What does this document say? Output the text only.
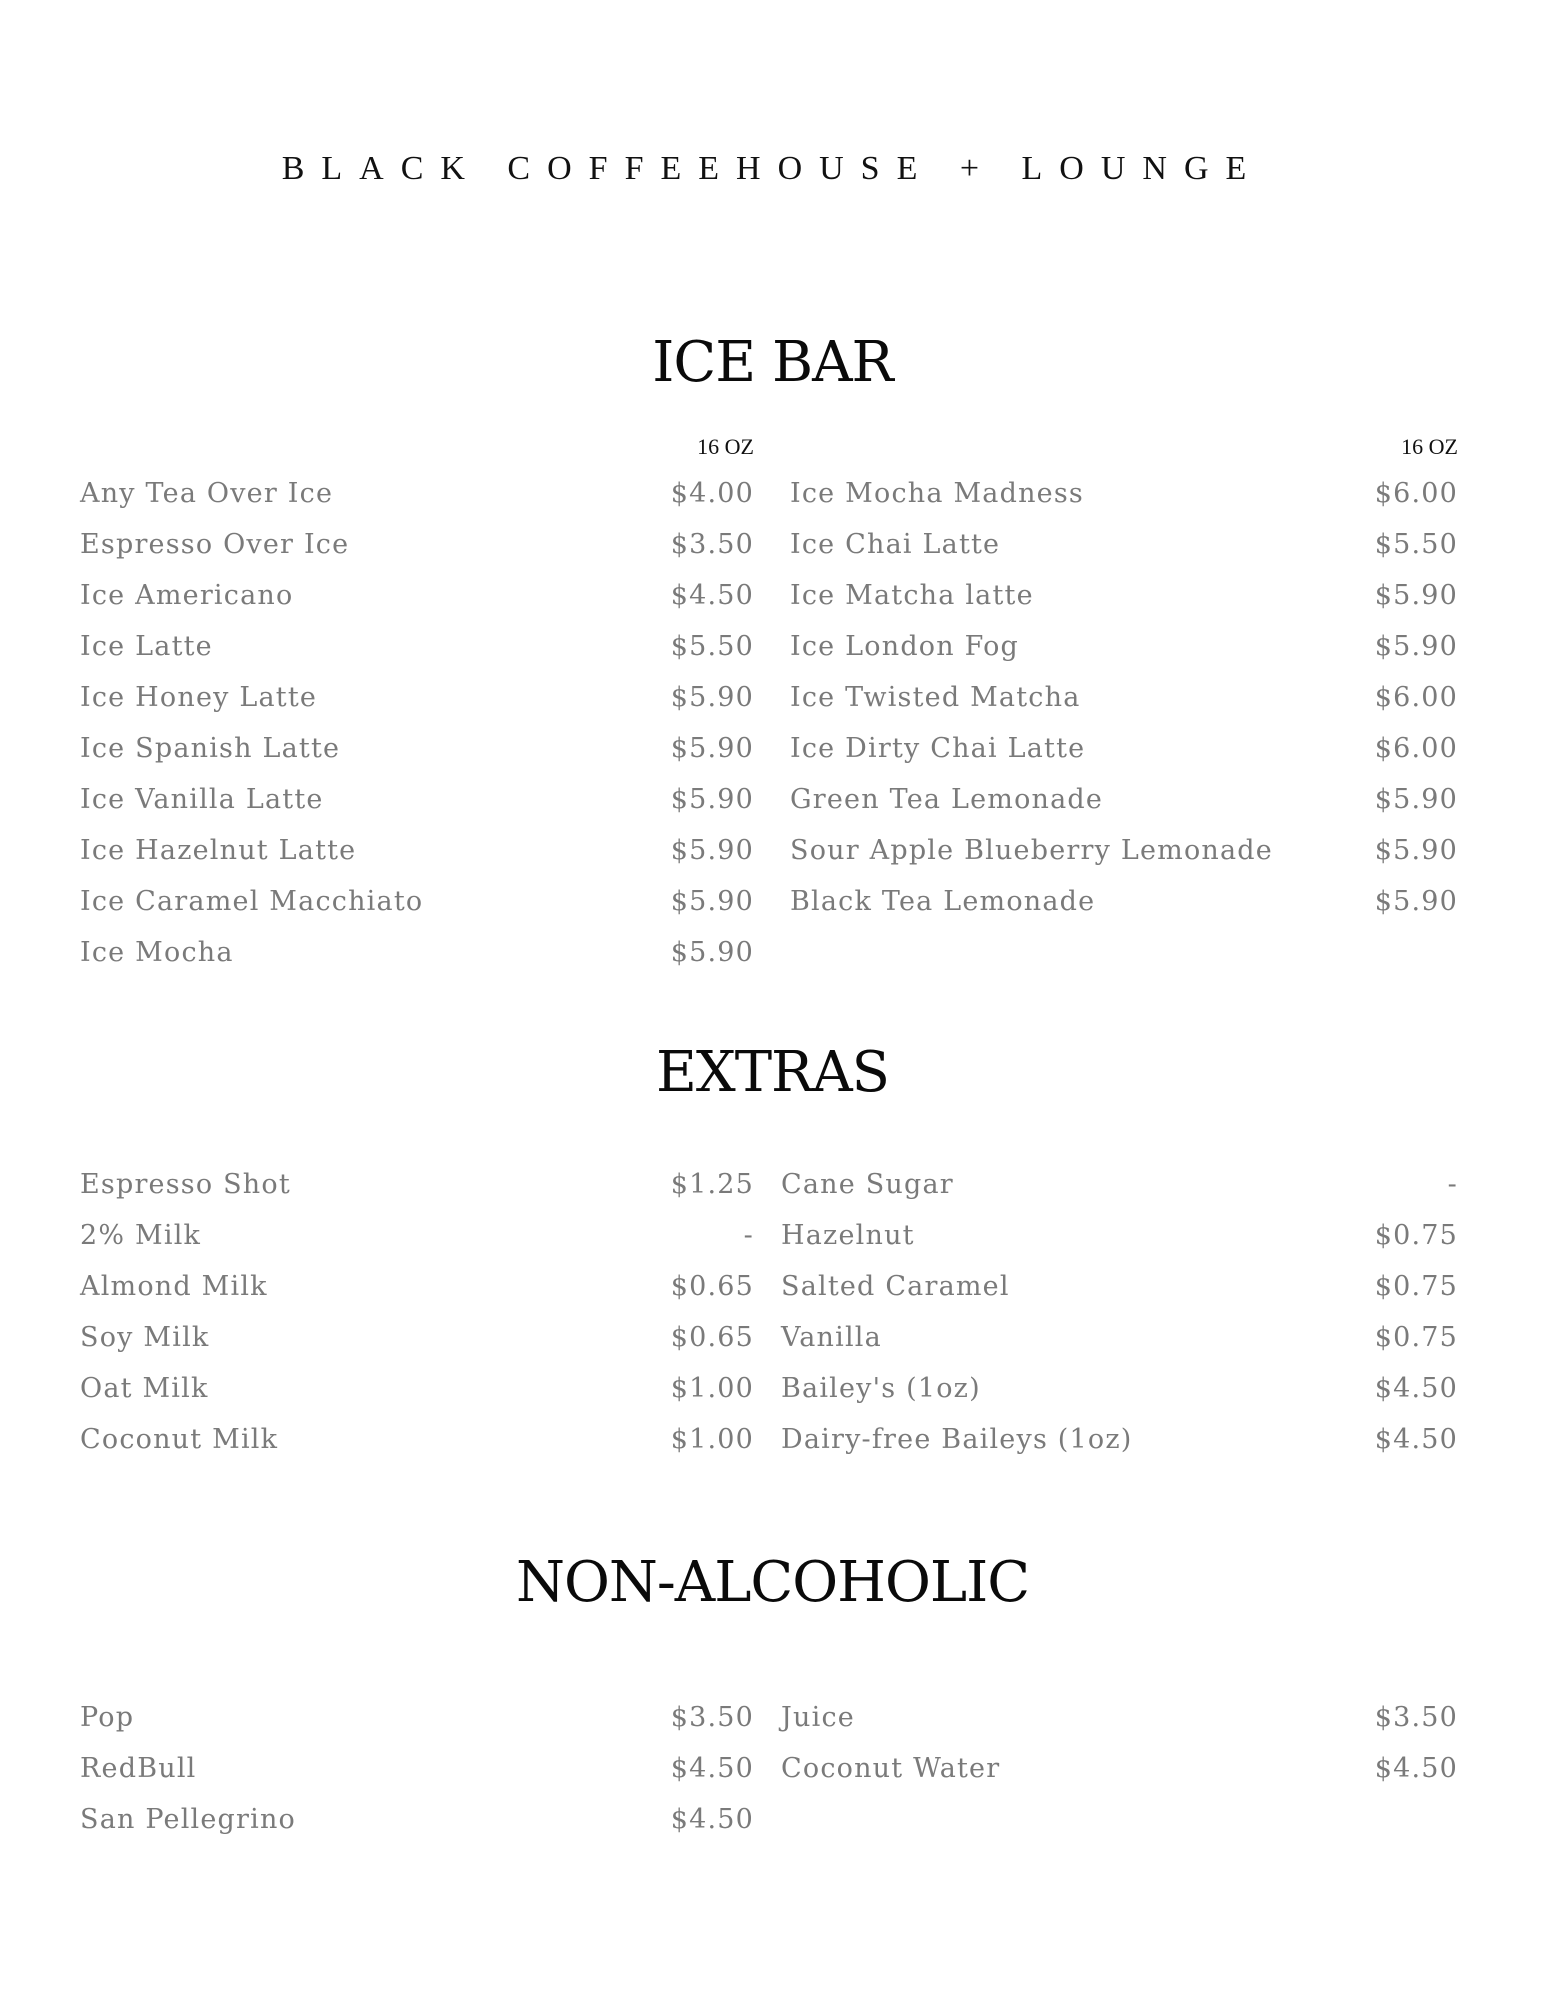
BLACK COFFEEHOUSE + LOUNGE
ICE BAR
16 OZ
Any Tea Over Ice	$4.00
Espresso Over Ice	$3.50
Ice Americano	$4.50
Ice Latte	$5.50
Ice Honey Latte	$5.90
Ice Spanish Latte	$5.90
Ice Vanilla Latte	$5.90
Ice Hazelnut Latte	$5.90
Ice Caramel Macchiato	$5.90
Ice Mocha	$5.90
16 OZ
Ice Mocha Madness	$6.00
Ice Chai Latte	$5.50
Ice Matcha latte	$5.90
Ice London Fog	$5.90
Ice Twisted Matcha	$6.00
Ice Dirty Chai Latte	$6.00
Green Tea Lemonade	$5.90
Sour Apple Blueberry Lemonade	$5.90
Black Tea Lemonade	$5.90
EXTRAS
Espresso Shot	$1.25
2% Milk	-
Almond Milk	$0.65
Soy Milk	$0.65
Oat Milk	$1.00
Coconut Milk	$1.00
Cane Sugar	-
Hazelnut	$0.75
Salted Caramel	$0.75
Vanilla	$0.75
Bailey's (1oz)	$4.50
Dairy-free Baileys (1oz)	$4.50
NON-ALCOHOLIC
Pop	$3.50
RedBull	$4.50
San Pellegrino	$4.50
Juice	$3.50
Coconut Water	$4.50
